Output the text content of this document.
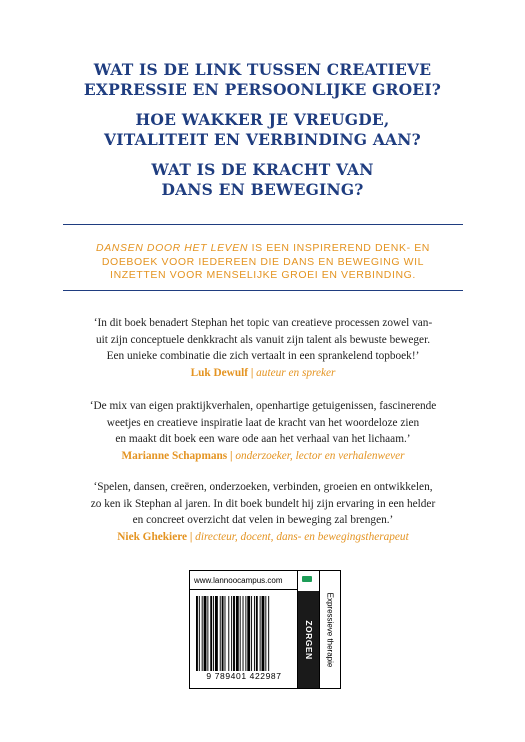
WAT IS DE LINK TUSSEN CREATIEVE
EXPRESSIE EN PERSOONLIJKE GROEI?
HOE WAKKER JE VREUGDE,
VITALITEIT EN VERBINDING AAN?
WAT IS DE KRACHT VAN
DANS EN BEWEGING?
DANSEN DOOR HET LEVEN IS EEN INSPIREREND DENK- EN
DOEBOEK VOOR IEDEREEN DIE DANS EN BEWEGING WIL
INZETTEN VOOR MENSELIJKE GROEI EN VERBINDING.
‘In dit boek benadert Stephan het topic van creatieve processen zowel van-
uit zijn conceptuele denkkracht als vanuit zijn talent als bewuste beweger.
Een unieke combinatie die zich vertaalt in een sprankelend topboek!’
Luk Dewulf | auteur en spreker
‘De mix van eigen praktijkverhalen, openhartige getuigenissen, fascinerende
weetjes en creatieve inspiratie laat de kracht van het woordeloze zien
en maakt dit boek een ware ode aan het verhaal van het lichaam.’
Marianne Schapmans | onderzoeker, lector en verhalenwever
‘Spelen, dansen, creëren, onderzoeken, verbinden, groeien en ontwikkelen,
zo ken ik Stephan al jaren. In dit boek bundelt hij zijn ervaring in een helder
en concreet overzicht dat velen in beweging zal brengen.’
Niek Ghekiere | directeur, docent, dans- en bewegingstherapeut
www.lannoocampus.com
ZORGEN Expressieve therapie
9 789401 422987
